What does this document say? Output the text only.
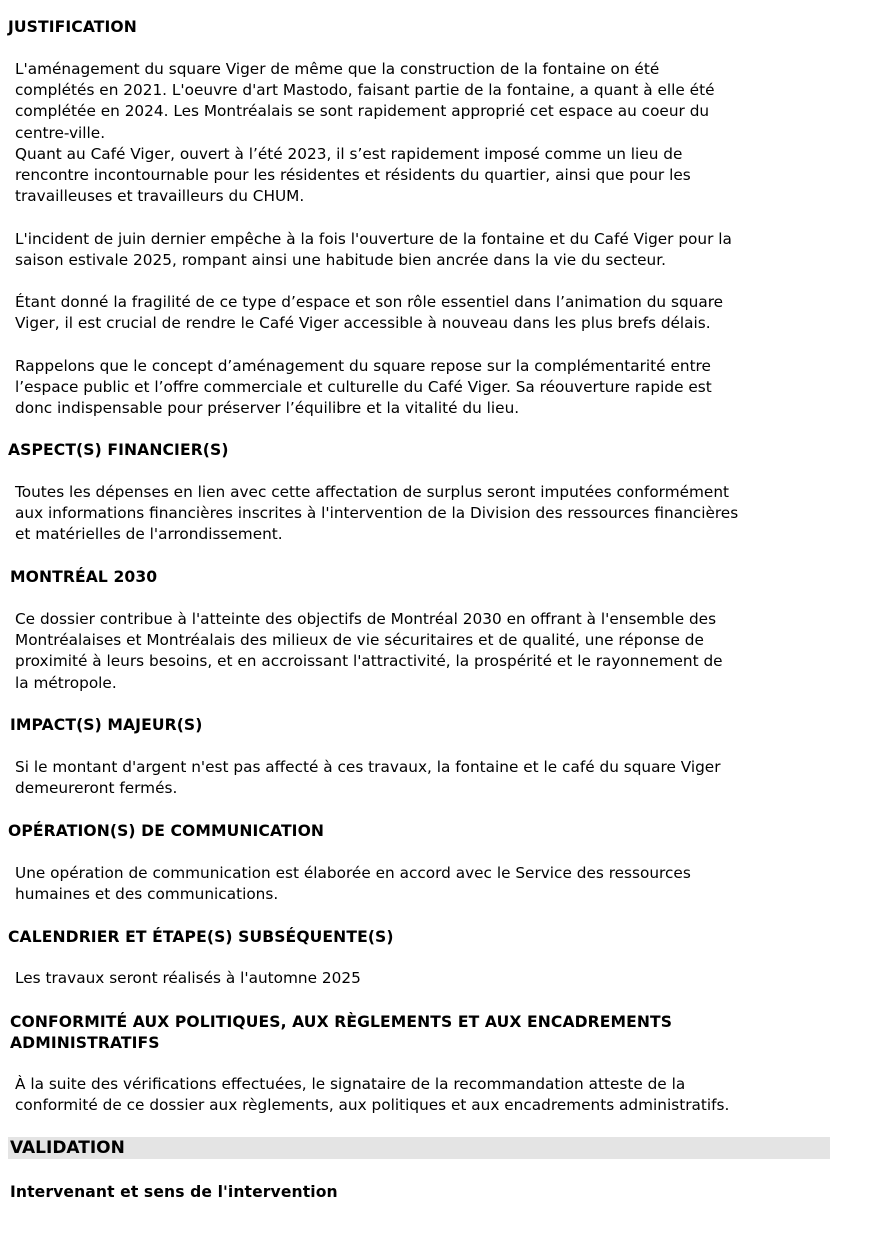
JUSTIFICATION
L'aménagement du square Viger de même que la construction de la fontaine on été
complétés en 2021. L'oeuvre d'art Mastodo, faisant partie de la fontaine, a quant à elle été
complétée en 2024. Les Montréalais se sont rapidement approprié cet espace au coeur du
centre-ville.
Quant au Café Viger, ouvert à l’été 2023, il s’est rapidement imposé comme un lieu de
rencontre incontournable pour les résidentes et résidents du quartier, ainsi que pour les
travailleuses et travailleurs du CHUM.
L'incident de juin dernier empêche à la fois l'ouverture de la fontaine et du Café Viger pour la
saison estivale 2025, rompant ainsi une habitude bien ancrée dans la vie du secteur.
Étant donné la fragilité de ce type d’espace et son rôle essentiel dans l’animation du square
Viger, il est crucial de rendre le Café Viger accessible à nouveau dans les plus brefs délais.
Rappelons que le concept d’aménagement du square repose sur la complémentarité entre
l’espace public et l’offre commerciale et culturelle du Café Viger. Sa réouverture rapide est
donc indispensable pour préserver l’équilibre et la vitalité du lieu.
ASPECT(S) FINANCIER(S)
Toutes les dépenses en lien avec cette affectation de surplus seront imputées conformément
aux informations financières inscrites à l'intervention de la Division des ressources financières
et matérielles de l'arrondissement.
MONTRÉAL 2030
Ce dossier contribue à l'atteinte des objectifs de Montréal 2030 en offrant à l'ensemble des
Montréalaises et Montréalais des milieux de vie sécuritaires et de qualité, une réponse de
proximité à leurs besoins, et en accroissant l'attractivité, la prospérité et le rayonnement de
la métropole.
IMPACT(S) MAJEUR(S)
Si le montant d'argent n'est pas affecté à ces travaux, la fontaine et le café du square Viger
demeureront fermés.
OPÉRATION(S) DE COMMUNICATION
Une opération de communication est élaborée en accord avec le Service des ressources
humaines et des communications.
CALENDRIER ET ÉTAPE(S) SUBSÉQUENTE(S)
Les travaux seront réalisés à l'automne 2025
CONFORMITÉ AUX POLITIQUES, AUX RÈGLEMENTS ET AUX ENCADREMENTS
ADMINISTRATIFS
À la suite des vérifications effectuées, le signataire de la recommandation atteste de la
conformité de ce dossier aux règlements, aux politiques et aux encadrements administratifs.
VALIDATION
Intervenant et sens de l'intervention
